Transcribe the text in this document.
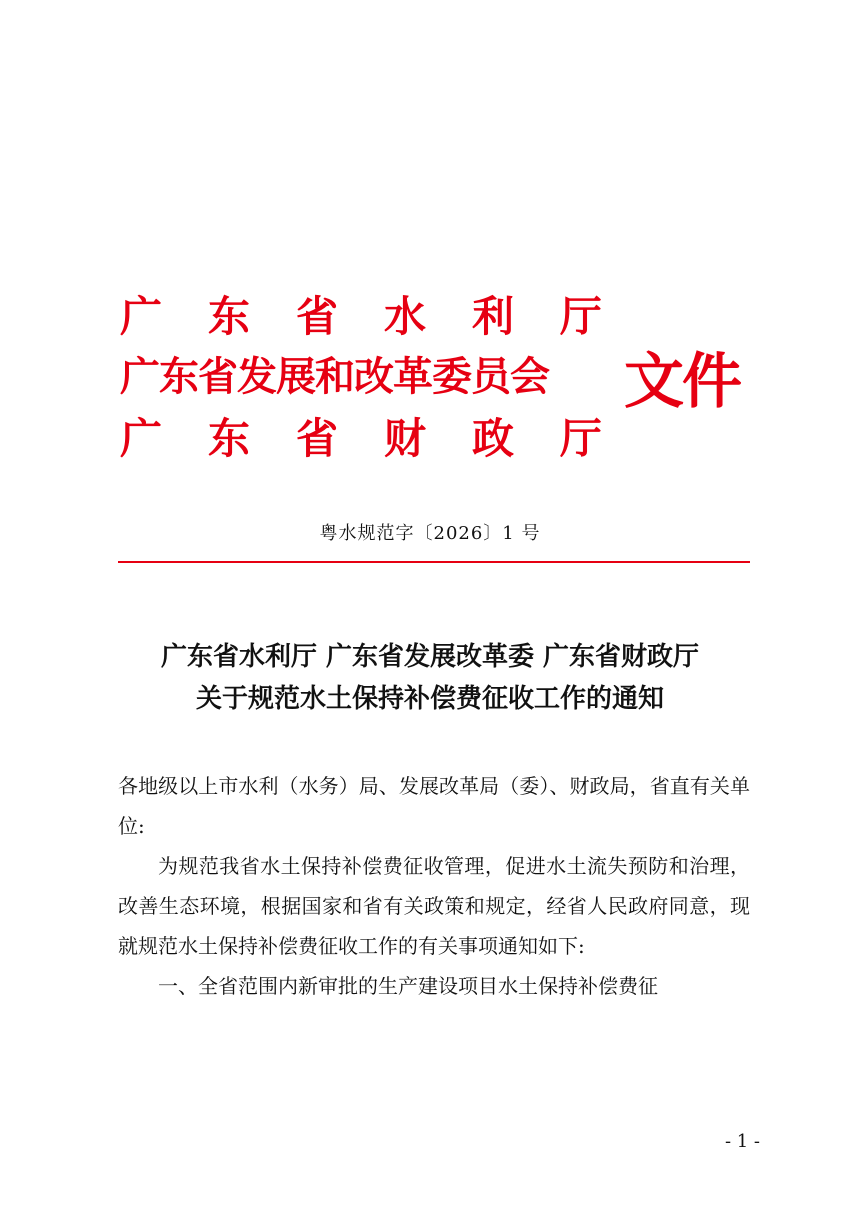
广 东 省 水 利 厅
广东省发展和改革委员会
广 东 省 财 政 厅
文件
粤水规范字〔2026〕1 号
广东省水利厅 广东省发展改革委 广东省财政厅
关于规范水土保持补偿费征收工作的通知

各地级以上市水利（水务）局、发展改革局（委）、财政局，省直有关单位:

为规范我省水土保持补偿费征收管理，促进水土流失预防和治理，改善生态环境，根据国家和省有关政策和规定，经省人民政府同意，现就规范水土保持补偿费征收工作的有关事项通知如下:

一、全省范围内新审批的生产建设项目水土保持补偿费征

- 1 -
